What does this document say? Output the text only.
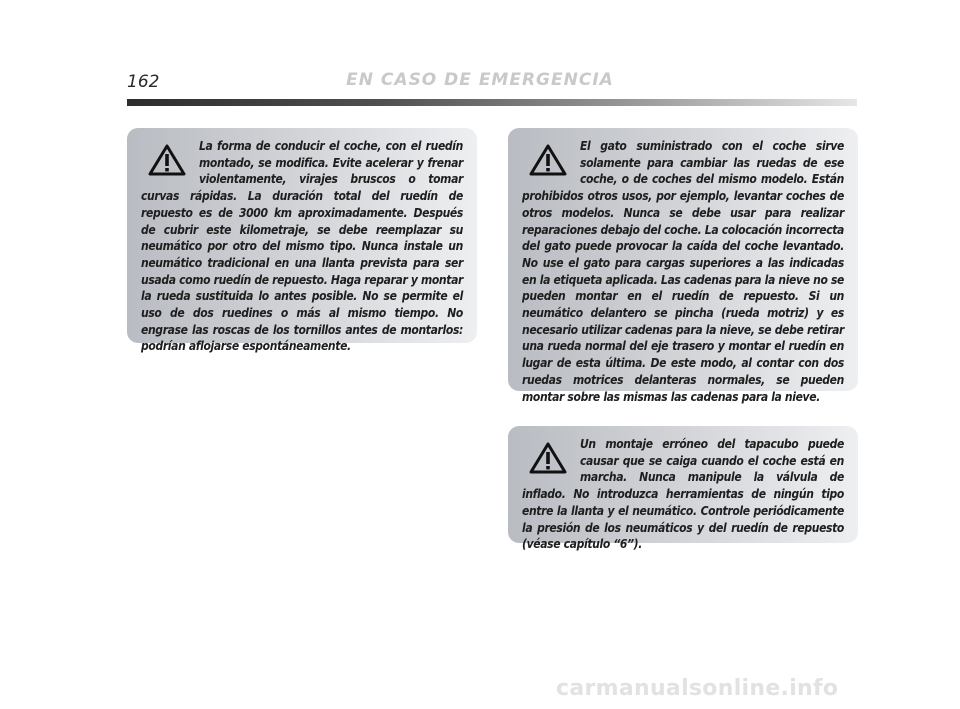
162	EN CASO DE EMERGENCIA

La forma de conducir el coche, con el ruedín montado, se modifica. Evite acelerar y frenar violentamente, virajes bruscos o tomar curvas rápidas. La duración total del ruedín de repuesto es de 3000 km aproximadamente. Después de cubrir este kilometraje, se debe reemplazar su neumático por otro del mismo tipo. Nunca instale un neumático tradicional en una llanta prevista para ser usada como ruedín de repuesto. Haga reparar y montar la rueda sustituida lo antes posible. No se permite el uso de dos ruedines o más al mismo tiempo. No engrase las roscas de los tornillos antes de montarlos: podrían aflojarse espontáneamente.

El gato suministrado con el coche sirve solamente para cambiar las ruedas de ese coche, o de coches del mismo modelo. Están prohibidos otros usos, por ejemplo, levantar coches de otros modelos. Nunca se debe usar para realizar reparaciones debajo del coche. La colocación incorrecta del gato puede provocar la caída del coche levantado. No use el gato para cargas superiores a las indicadas en la etiqueta aplicada. Las cadenas para la nieve no se pueden montar en el ruedín de repuesto. Si un neumático delantero se pincha (rueda motriz) y es necesario utilizar cadenas para la nieve, se debe retirar una rueda normal del eje trasero y montar el ruedín en lugar de esta última. De este modo, al contar con dos ruedas motrices delanteras normales, se pueden montar sobre las mismas las cadenas para la nieve.

Un montaje erróneo del tapacubo puede causar que se caiga cuando el coche está en marcha. Nunca manipule la válvula de inflado. No introduzca herramientas de ningún tipo entre la llanta y el neumático. Controle periódicamente la presión de los neumáticos y del ruedín de repuesto (véase capítulo “6”).

carmanualsonline.info
